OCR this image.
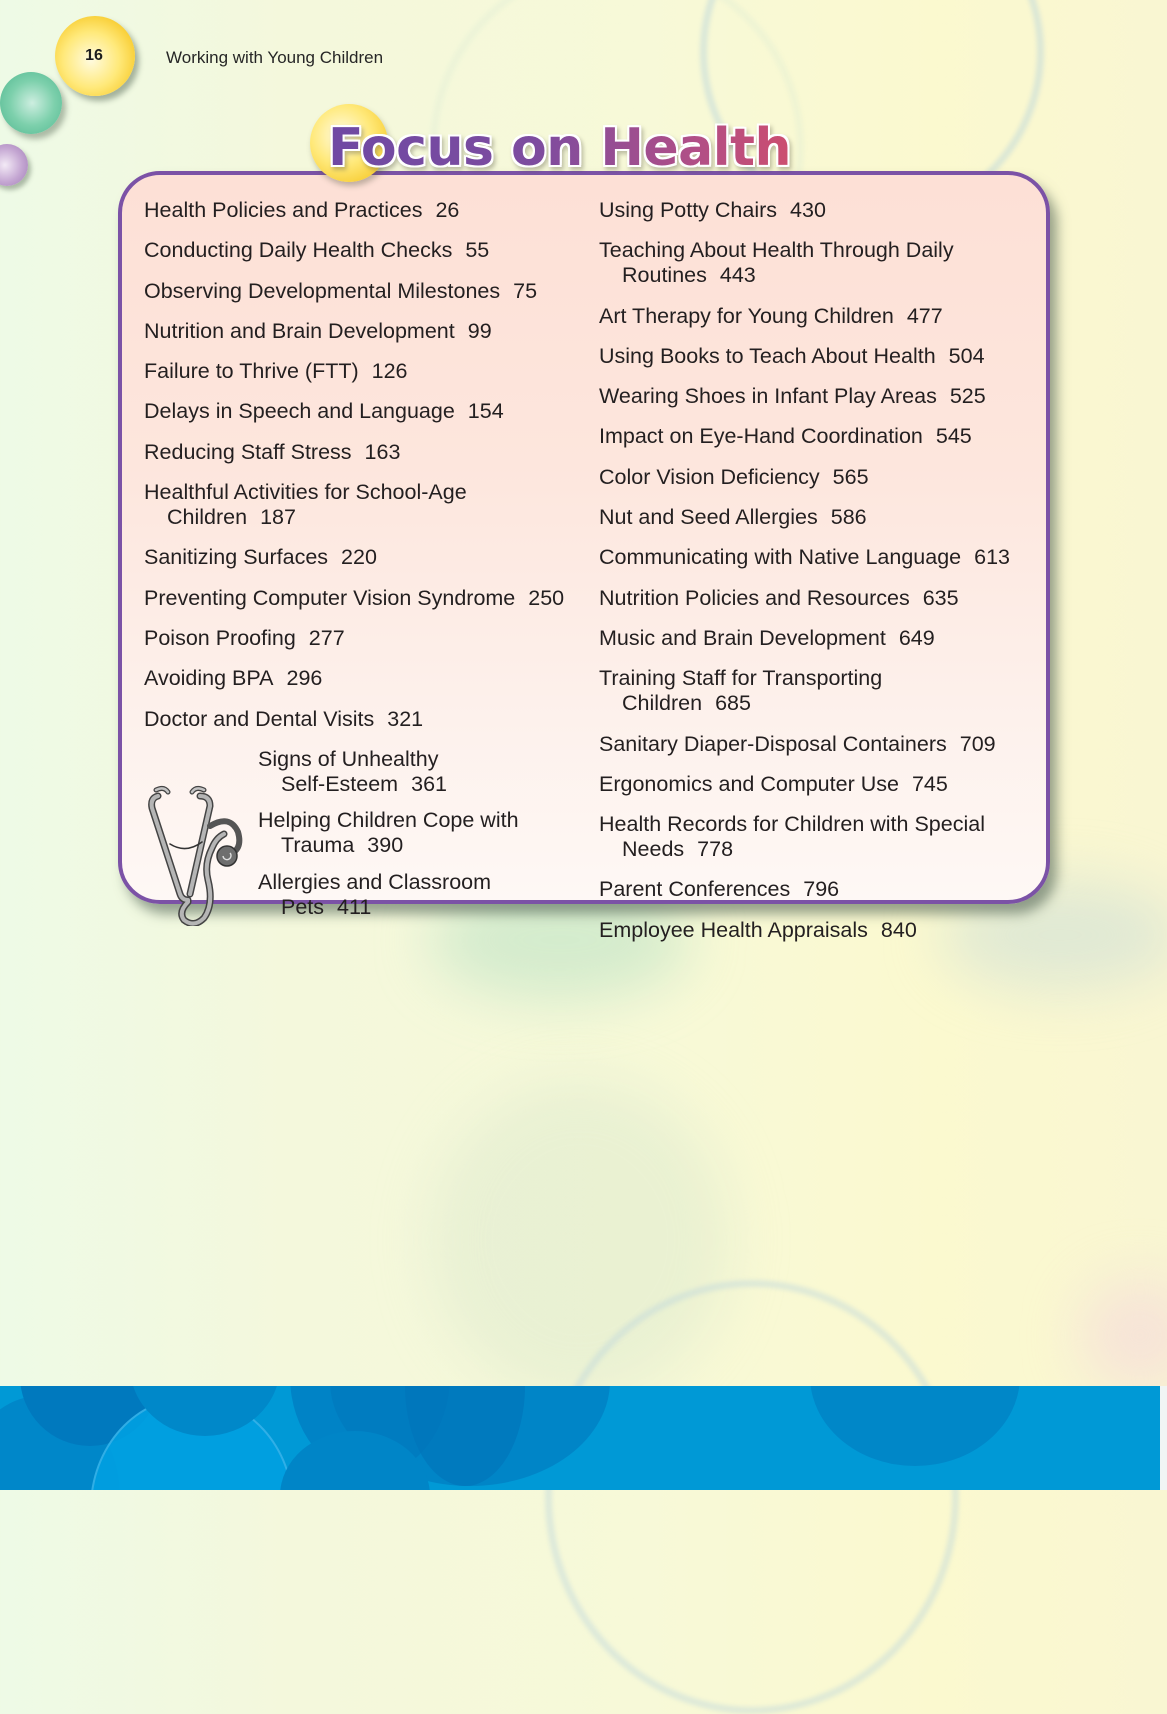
16	Working with Young Children
Focus on Health
Health Policies and Practices 26
Conducting Daily Health Checks 55
Observing Developmental Milestones 75
Nutrition and Brain Development 99
Failure to Thrive (FTT) 126
Delays in Speech and Language 154
Reducing Staff Stress 163
Healthful Activities for School-Age
Children 187
Sanitizing Surfaces 220
Preventing Computer Vision Syndrome 250
Poison Proofing 277
Avoiding BPA 296
Doctor and Dental Visits 321
Signs of Unhealthy
Self-Esteem 361
Helping Children Cope with
Trauma 390
Allergies and Classroom
Pets 411
Using Potty Chairs 430
Teaching About Health Through Daily
Routines 443
Art Therapy for Young Children 477
Using Books to Teach About Health 504
Wearing Shoes in Infant Play Areas 525
Impact on Eye-Hand Coordination 545
Color Vision Deficiency 565
Nut and Seed Allergies 586
Communicating with Native Language 613
Nutrition Policies and Resources 635
Music and Brain Development 649
Training Staff for Transporting
Children 685
Sanitary Diaper-Disposal Containers 709
Ergonomics and Computer Use 745
Health Records for Children with Special
Needs 778
Parent Conferences 796
Employee Health Appraisals 840
